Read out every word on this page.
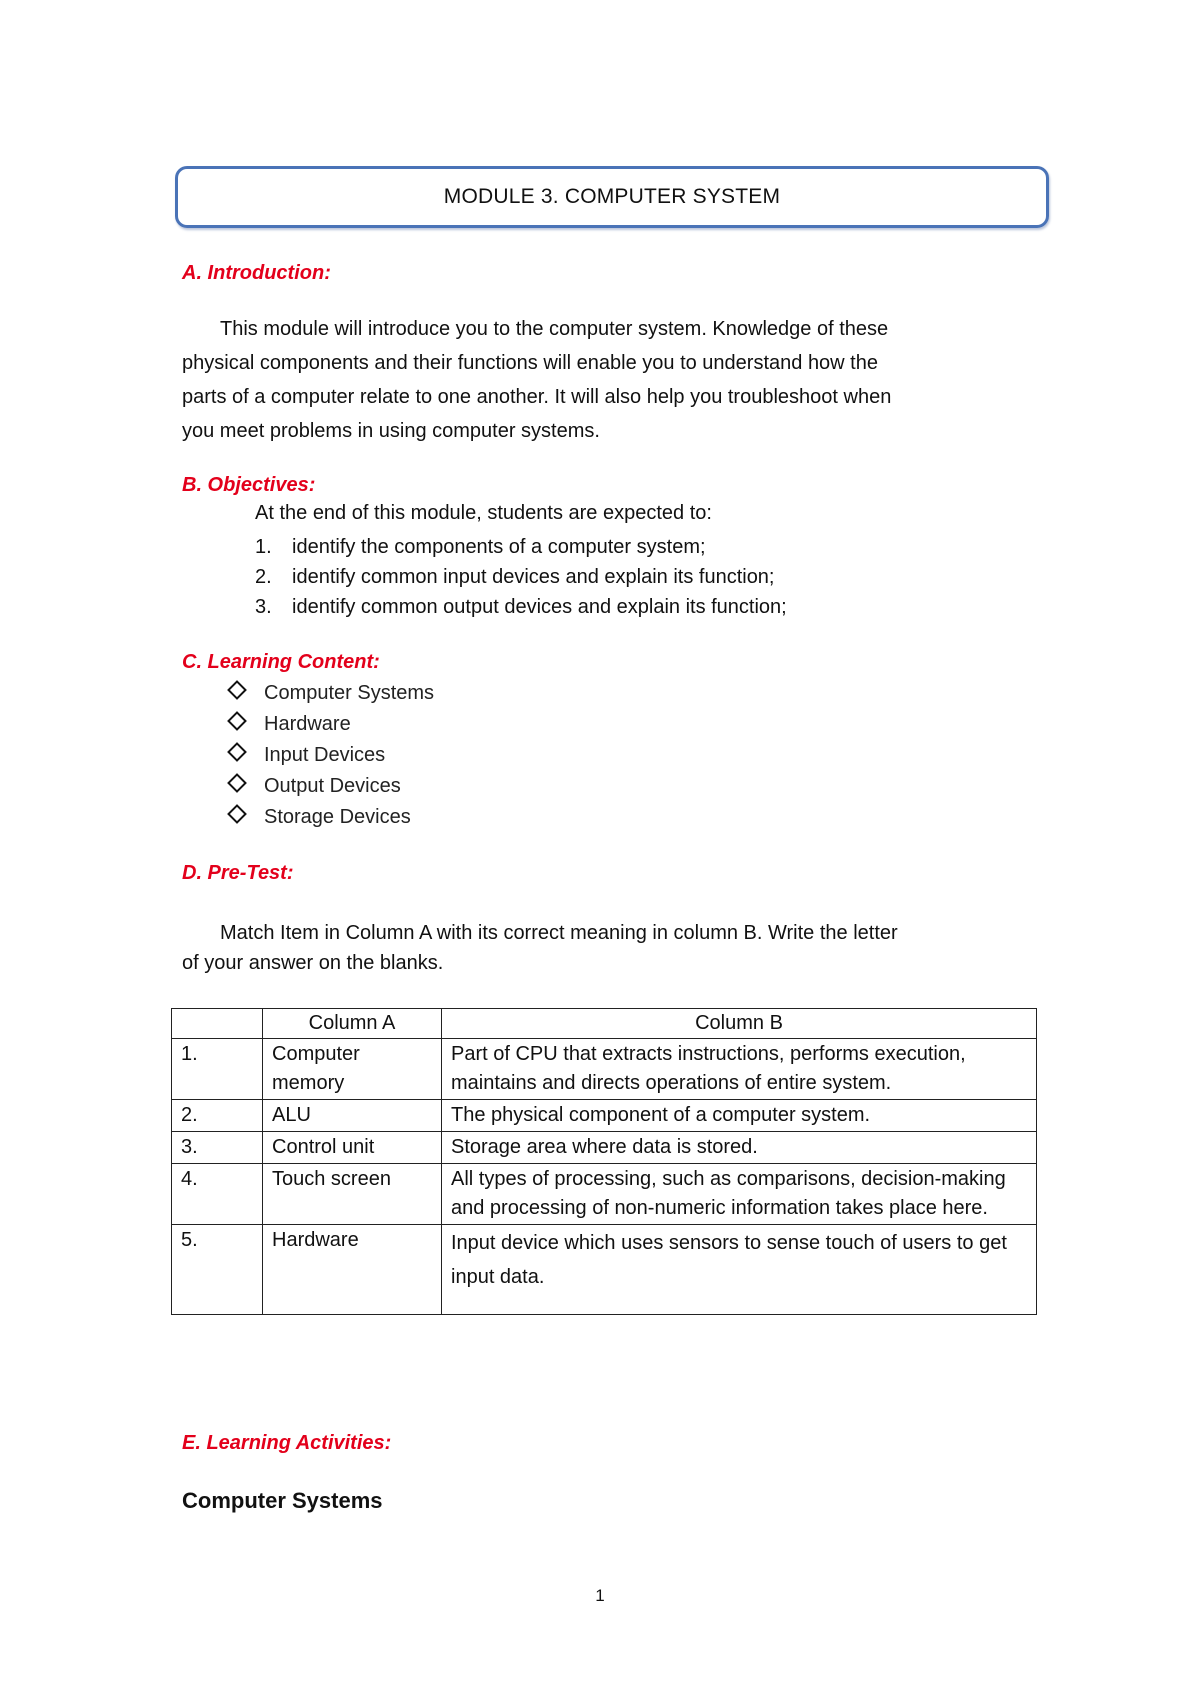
MODULE 3. COMPUTER SYSTEM
A. Introduction:
This module will introduce you to the computer system. Knowledge of these
physical components and their functions will enable you to understand how the
parts of a computer relate to one another. It will also help you troubleshoot when
you meet problems in using computer systems.
B. Objectives:
At the end of this module, students are expected to:
1. identify the components of a computer system;
2. identify common input devices and explain its function;
3. identify common output devices and explain its function;
C. Learning Content:
Computer Systems
Hardware
Input Devices
Output Devices
Storage Devices
D. Pre-Test:
Match Item in Column A with its correct meaning in column B. Write the letter
of your answer on the blanks.
	Column A	Column B
1.	Computer memory	Part of CPU that extracts instructions, performs execution, maintains and directs operations of entire system.
2.	ALU	The physical component of a computer system.
3.	Control unit	Storage area where data is stored.
4.	Touch screen	All types of processing, such as comparisons, decision-making and processing of non-numeric information takes place here.
5.	Hardware	Input device which uses sensors to sense touch of users to get input data.
E. Learning Activities:
Computer Systems
1
